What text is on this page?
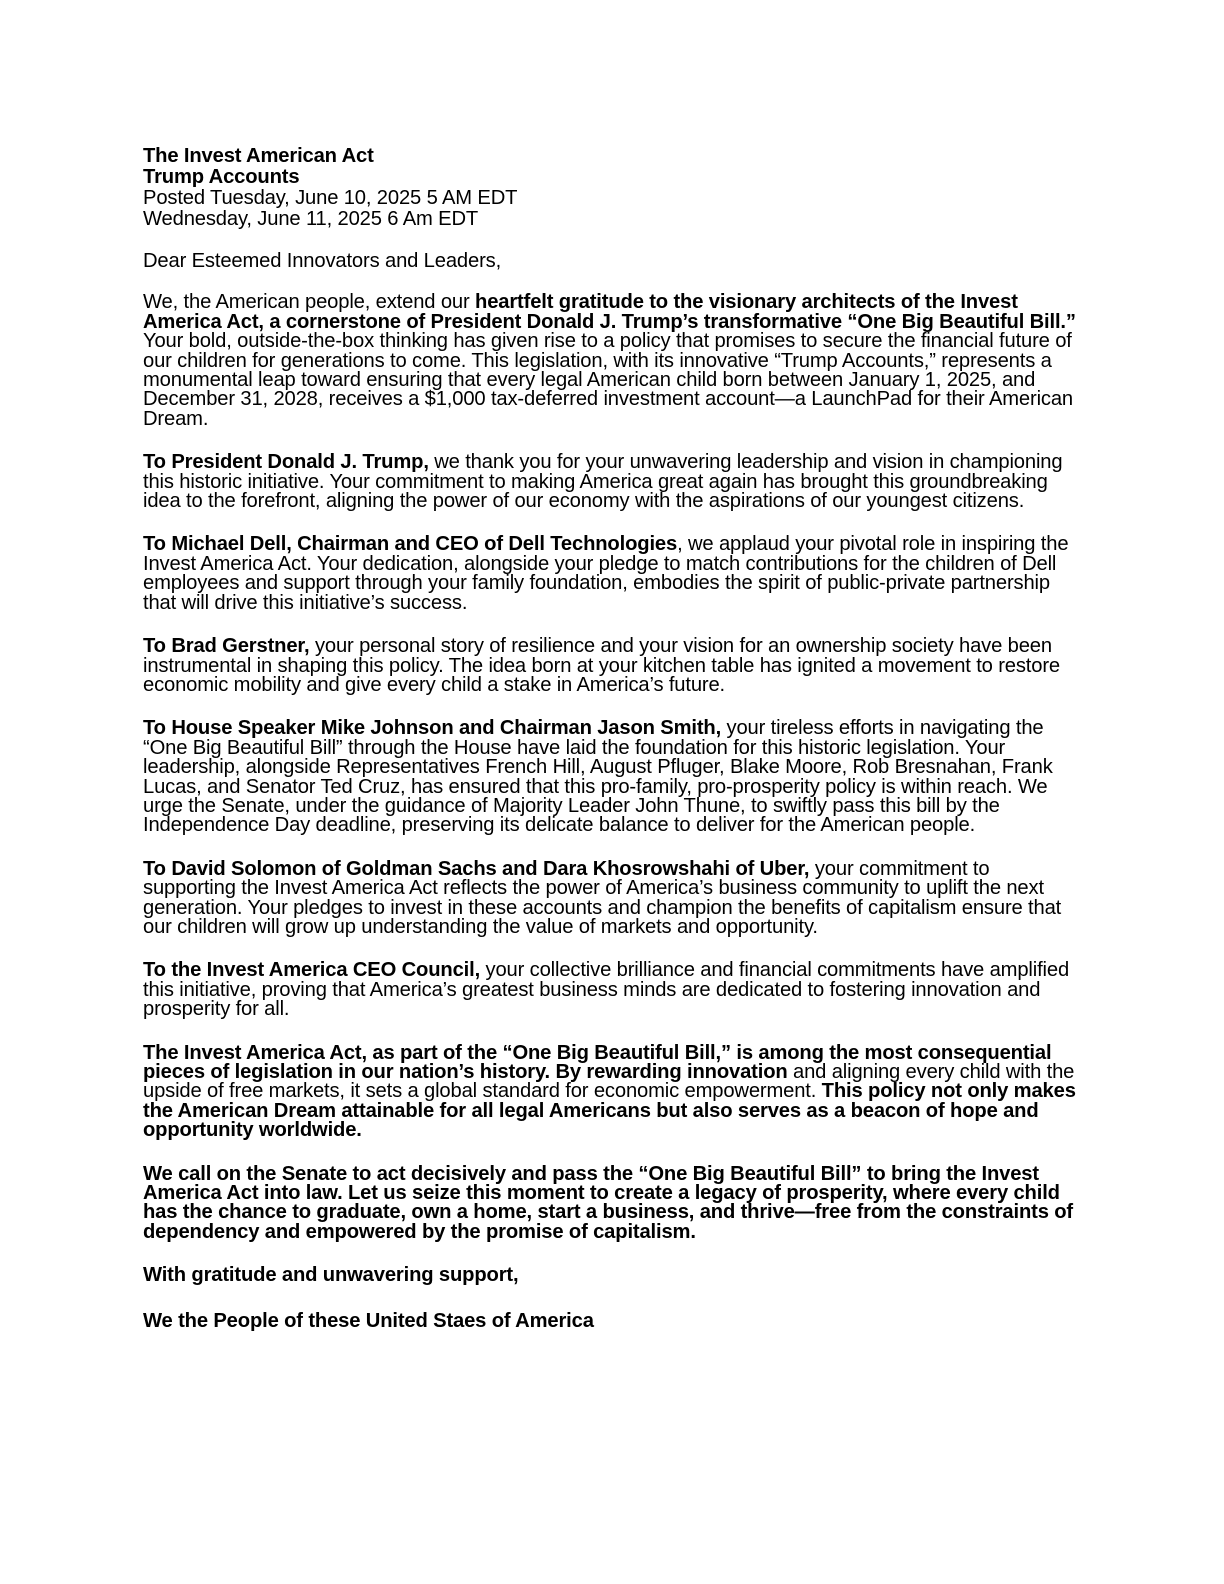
The Invest American Act
Trump Accounts
Posted Tuesday, June 10, 2025 5 AM EDT
Wednesday, June 11, 2025 6 Am EDT

Dear Esteemed Innovators and Leaders,

We, the American people, extend our heartfelt gratitude to the visionary architects of the Invest America Act, a cornerstone of President Donald J. Trump’s transformative “One Big Beautiful Bill.” Your bold, outside-the-box thinking has given rise to a policy that promises to secure the financial future of our children for generations to come. This legislation, with its innovative “Trump Accounts,” represents a monumental leap toward ensuring that every legal American child born between January 1, 2025, and December 31, 2028, receives a $1,000 tax-deferred investment account—a LaunchPad for their American Dream.

To President Donald J. Trump, we thank you for your unwavering leadership and vision in championing this historic initiative. Your commitment to making America great again has brought this groundbreaking idea to the forefront, aligning the power of our economy with the aspirations of our youngest citizens.

To Michael Dell, Chairman and CEO of Dell Technologies, we applaud your pivotal role in inspiring the Invest America Act. Your dedication, alongside your pledge to match contributions for the children of Dell employees and support through your family foundation, embodies the spirit of public-private partnership that will drive this initiative’s success.

To Brad Gerstner, your personal story of resilience and your vision for an ownership society have been instrumental in shaping this policy. The idea born at your kitchen table has ignited a movement to restore economic mobility and give every child a stake in America’s future.

To House Speaker Mike Johnson and Chairman Jason Smith, your tireless efforts in navigating the “One Big Beautiful Bill” through the House have laid the foundation for this historic legislation. Your leadership, alongside Representatives French Hill, August Pfluger, Blake Moore, Rob Bresnahan, Frank Lucas, and Senator Ted Cruz, has ensured that this pro-family, pro-prosperity policy is within reach. We urge the Senate, under the guidance of Majority Leader John Thune, to swiftly pass this bill by the Independence Day deadline, preserving its delicate balance to deliver for the American people.

To David Solomon of Goldman Sachs and Dara Khosrowshahi of Uber, your commitment to supporting the Invest America Act reflects the power of America’s business community to uplift the next generation. Your pledges to invest in these accounts and champion the benefits of capitalism ensure that our children will grow up understanding the value of markets and opportunity.

To the Invest America CEO Council, your collective brilliance and financial commitments have amplified this initiative, proving that America’s greatest business minds are dedicated to fostering innovation and prosperity for all.

The Invest America Act, as part of the “One Big Beautiful Bill,” is among the most consequential pieces of legislation in our nation’s history. By rewarding innovation and aligning every child with the upside of free markets, it sets a global standard for economic empowerment. This policy not only makes the American Dream attainable for all legal Americans but also serves as a beacon of hope and opportunity worldwide.

We call on the Senate to act decisively and pass the “One Big Beautiful Bill” to bring the Invest America Act into law. Let us seize this moment to create a legacy of prosperity, where every child has the chance to graduate, own a home, start a business, and thrive—free from the constraints of dependency and empowered by the promise of capitalism.

With gratitude and unwavering support,

We the People of these United Staes of America
